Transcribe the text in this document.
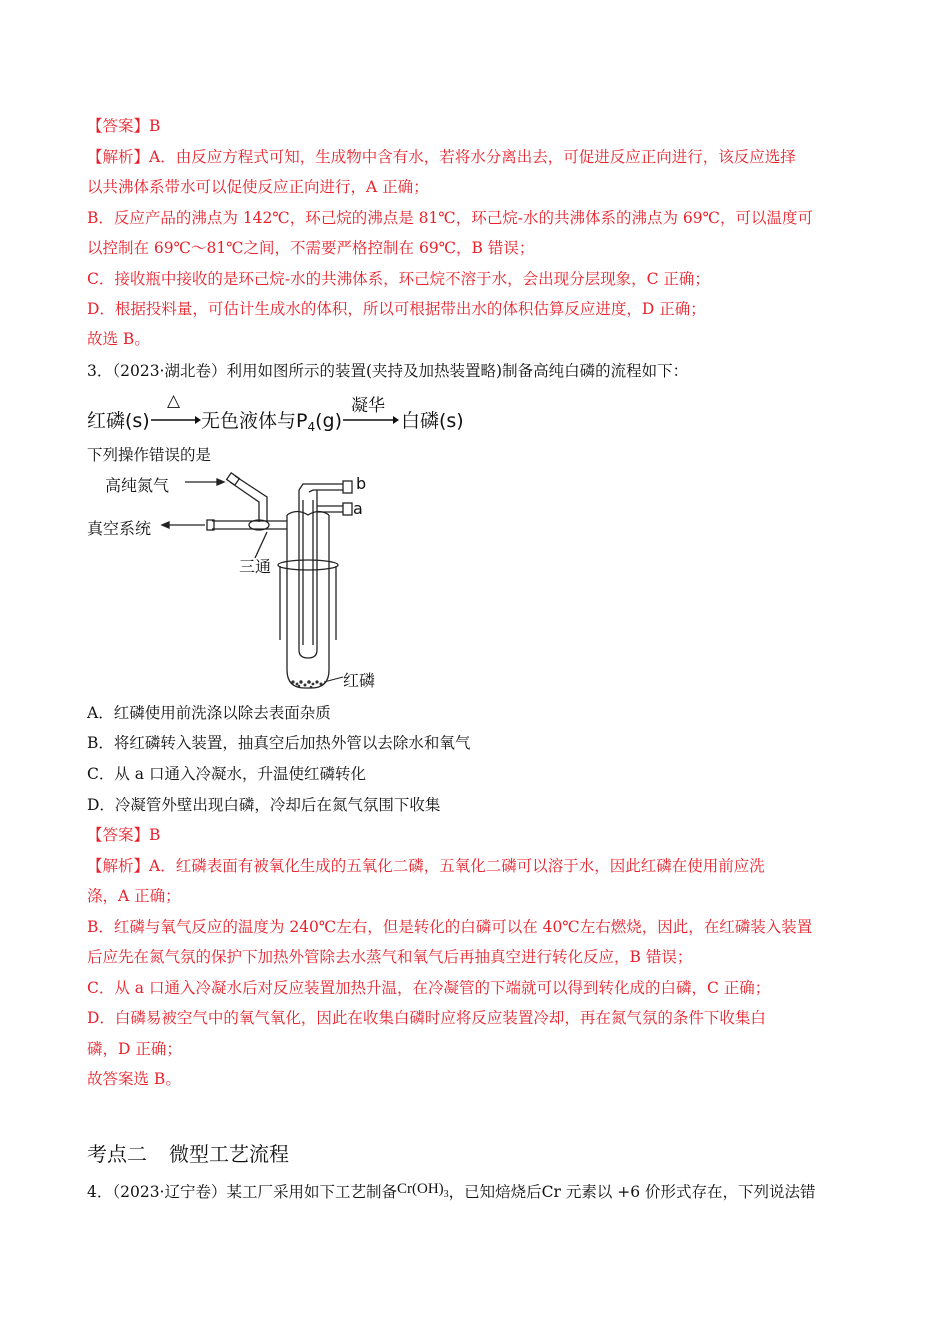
【答案】B
【解析】A．由反应方程式可知，生成物中含有水，若将水分离出去，可促进反应正向进行，该反应选择
以共沸体系带水可以促使反应正向进行，A 正确；
B．反应产品的沸点为 142℃，环己烷的沸点是 81℃，环己烷-水的共沸体系的沸点为 69℃，可以温度可
以控制在 69℃～81℃之间，不需要严格控制在 69℃，B 错误；
C．接收瓶中接收的是环己烷-水的共沸体系，环己烷不溶于水，会出现分层现象，C 正确；
D．根据投料量，可估计生成水的体积，所以可根据带出水的体积估算反应进度，D 正确；
故选 B。
3．（2023·湖北卷）利用如图所示的装置(夹持及加热装置略)制备高纯白磷的流程如下：
红磷(s)
△
无色液体与$P_4(g)$
凝华
白磷(s)
下列操作错误的是
高纯氮气
真空系统
三通
b
a
红磷
A．红磷使用前洗涤以除去表面杂质
B．将红磷转入装置，抽真空后加热外管以去除水和氧气
C．从 a 口通入冷凝水，升温使红磷转化
D．冷凝管外壁出现白磷，冷却后在氮气氛围下收集
【答案】B
【解析】A．红磷表面有被氧化生成的五氧化二磷，五氧化二磷可以溶于水，因此红磷在使用前应洗
涤，A 正确；
B．红磷与氧气反应的温度为 240℃左右，但是转化的白磷可以在 40℃左右燃烧，因此，在红磷装入装置
后应先在氮气氛的保护下加热外管除去水蒸气和氧气后再抽真空进行转化反应，B 错误；
C．从 a 口通入冷凝水后对反应装置加热升温，在冷凝管的下端就可以得到转化成的白磷，C 正确；
D．白磷易被空气中的氧气氧化，因此在收集白磷时应将反应装置冷却，再在氮气氛的条件下收集白
磷，D 正确；
故答案选 B。
考点二 微型工艺流程
4．（2023·辽宁卷）某工厂采用如下工艺制备$Cr(OH)_3$，已知焙烧后Cr 元素以 +6 价形式存在，下列说法错
